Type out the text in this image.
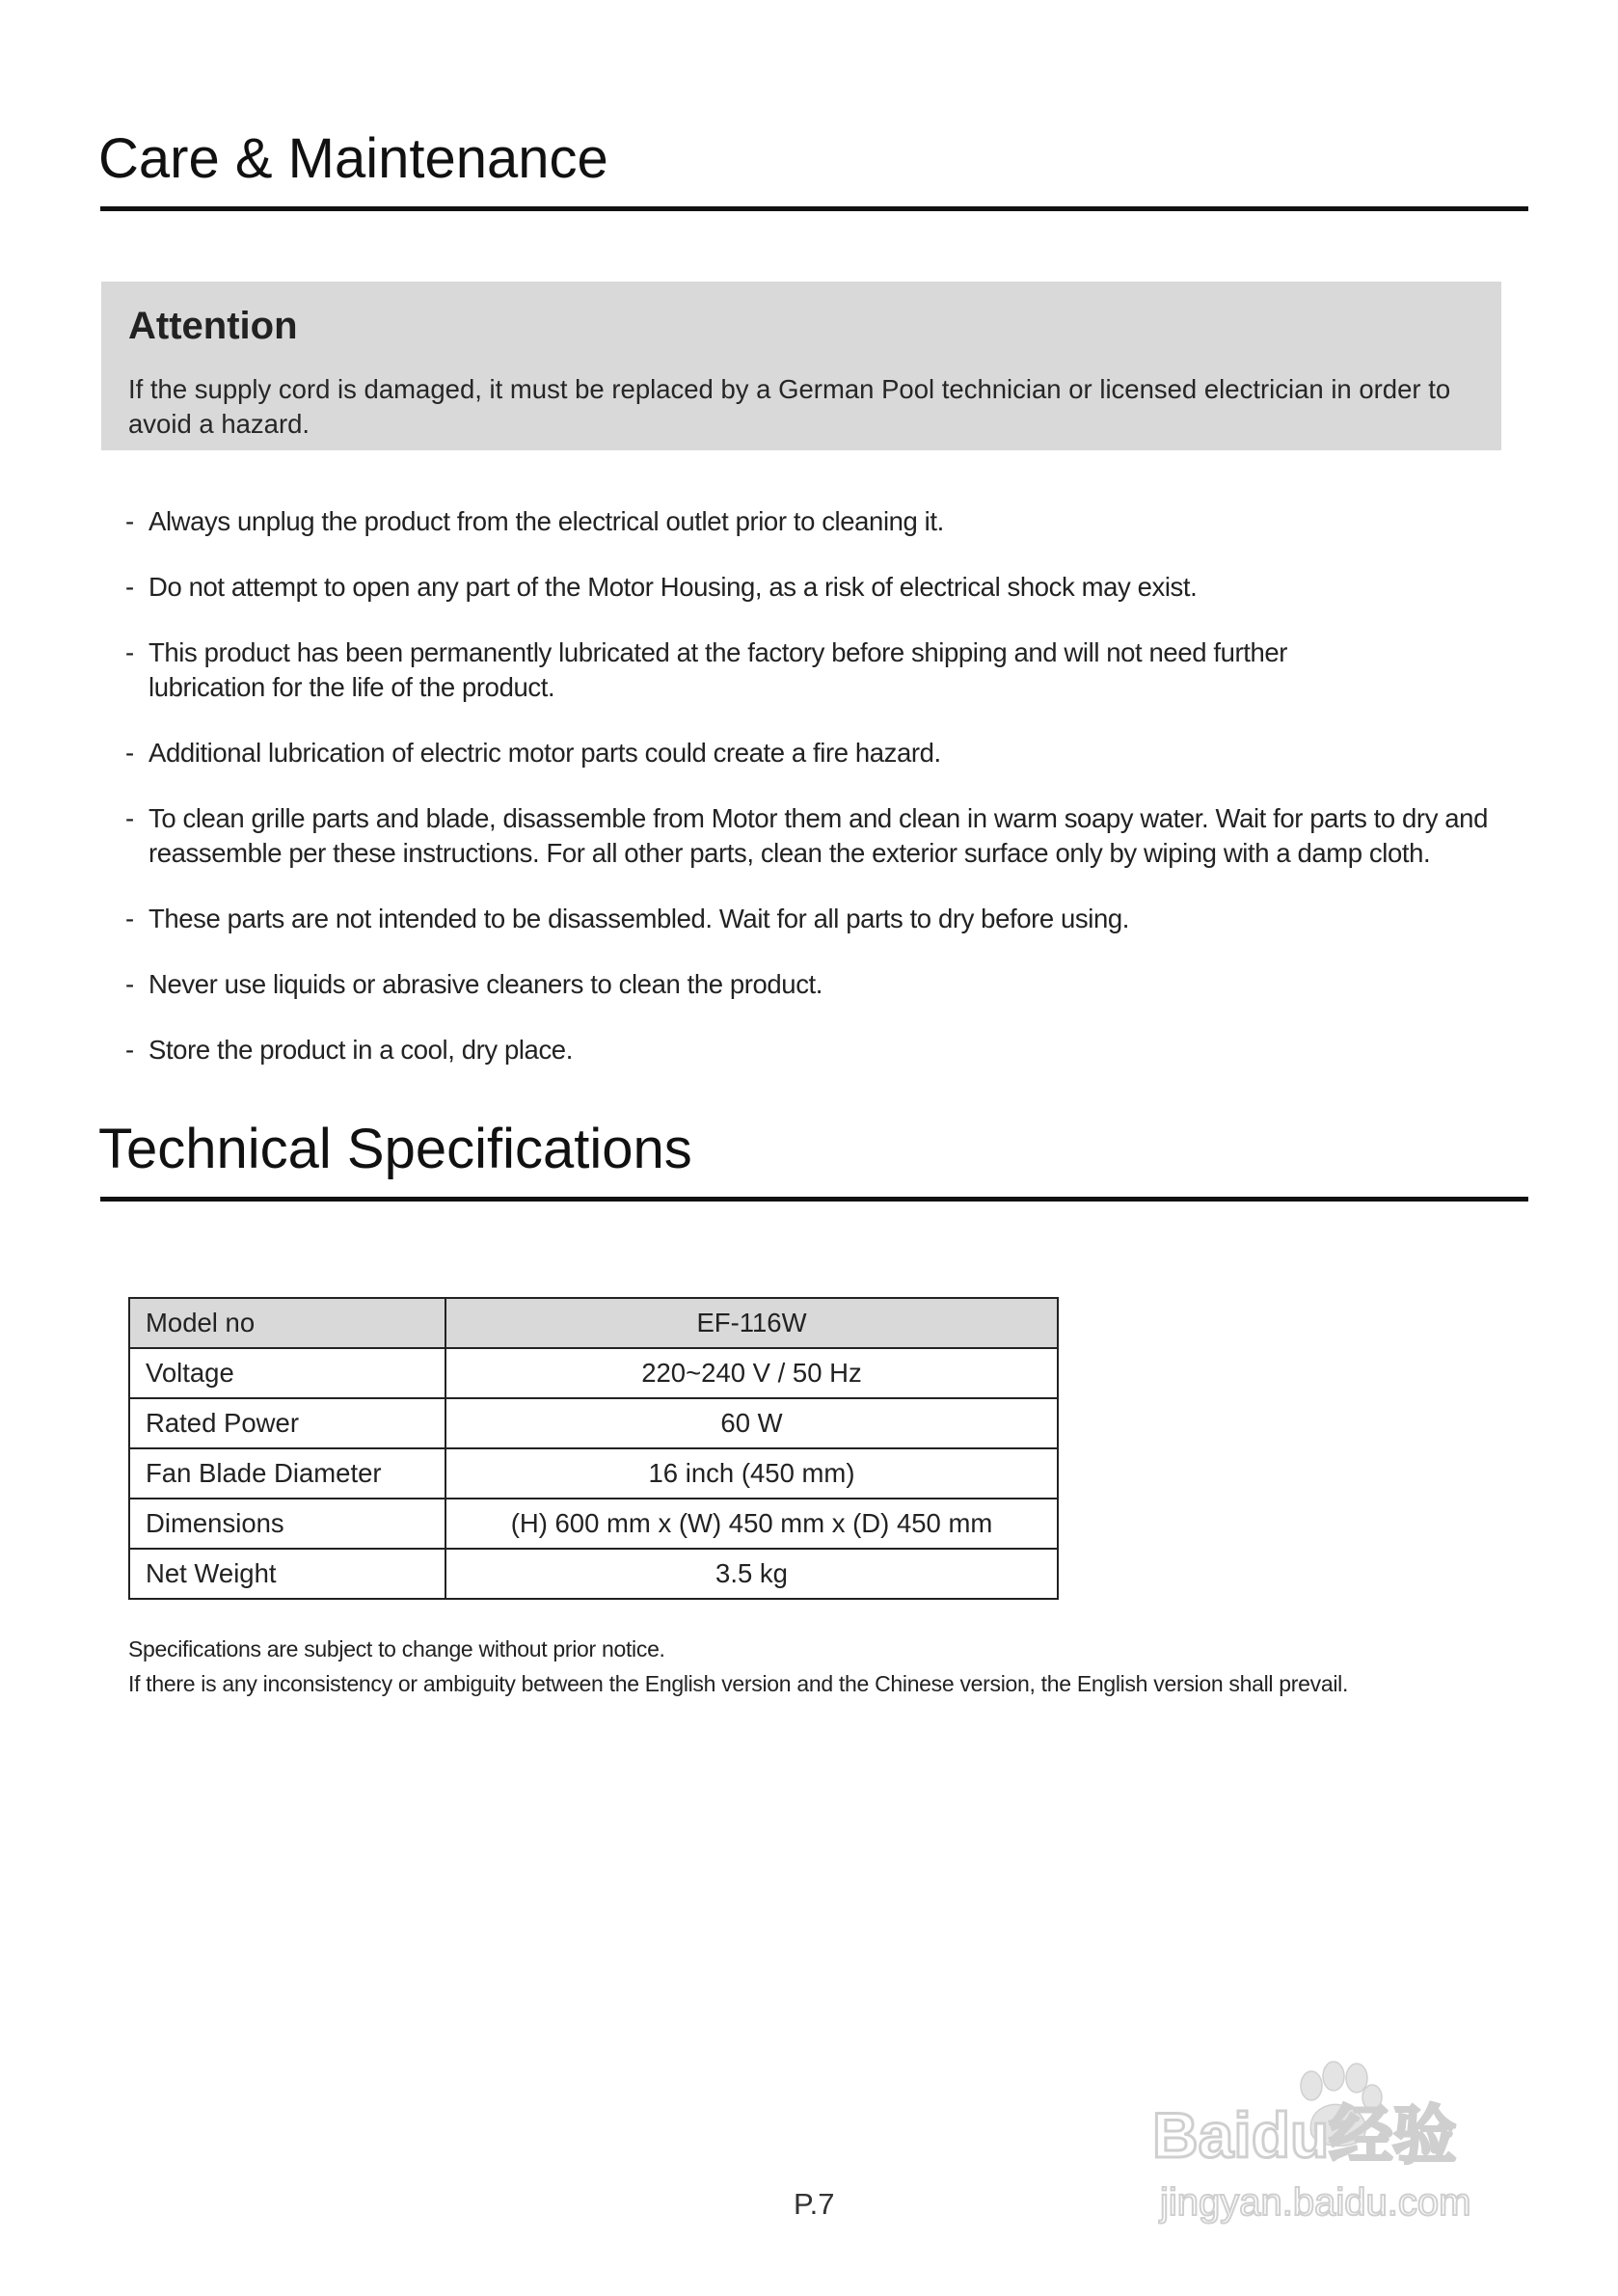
Care & Maintenance
Attention

If the supply cord is damaged, it must be replaced by a German Pool technician or licensed electrician in order to avoid a hazard.

- Always unplug the product from the electrical outlet prior to cleaning it.
- Do not attempt to open any part of the Motor Housing, as a risk of electrical shock may exist.
- This product has been permanently lubricated at the factory before shipping and will not need further lubrication for the life of the product.
- Additional lubrication of electric motor parts could create a fire hazard.
- To clean grille parts and blade, disassemble from Motor them and clean in warm soapy water. Wait for parts to dry and reassemble per these instructions. For all other parts, clean the exterior surface only by wiping with a damp cloth.
- These parts are not intended to be disassembled. Wait for all parts to dry before using.
- Never use liquids or abrasive cleaners to clean the product.
- Store the product in a cool, dry place.
Technical Specifications
Model no	EF-116W
Voltage	220~240 V / 50 Hz
Rated Power	60 W
Fan Blade Diameter	16 inch (450 mm)
Dimensions	(H) 600 mm x (W) 450 mm x (D) 450 mm
Net Weight	3.5 kg

Specifications are subject to change without prior notice.

If there is any inconsistency or ambiguity between the English version and the Chinese version, the English version shall prevail.

P.7
Baidu经验
jingyan.baidu.com
